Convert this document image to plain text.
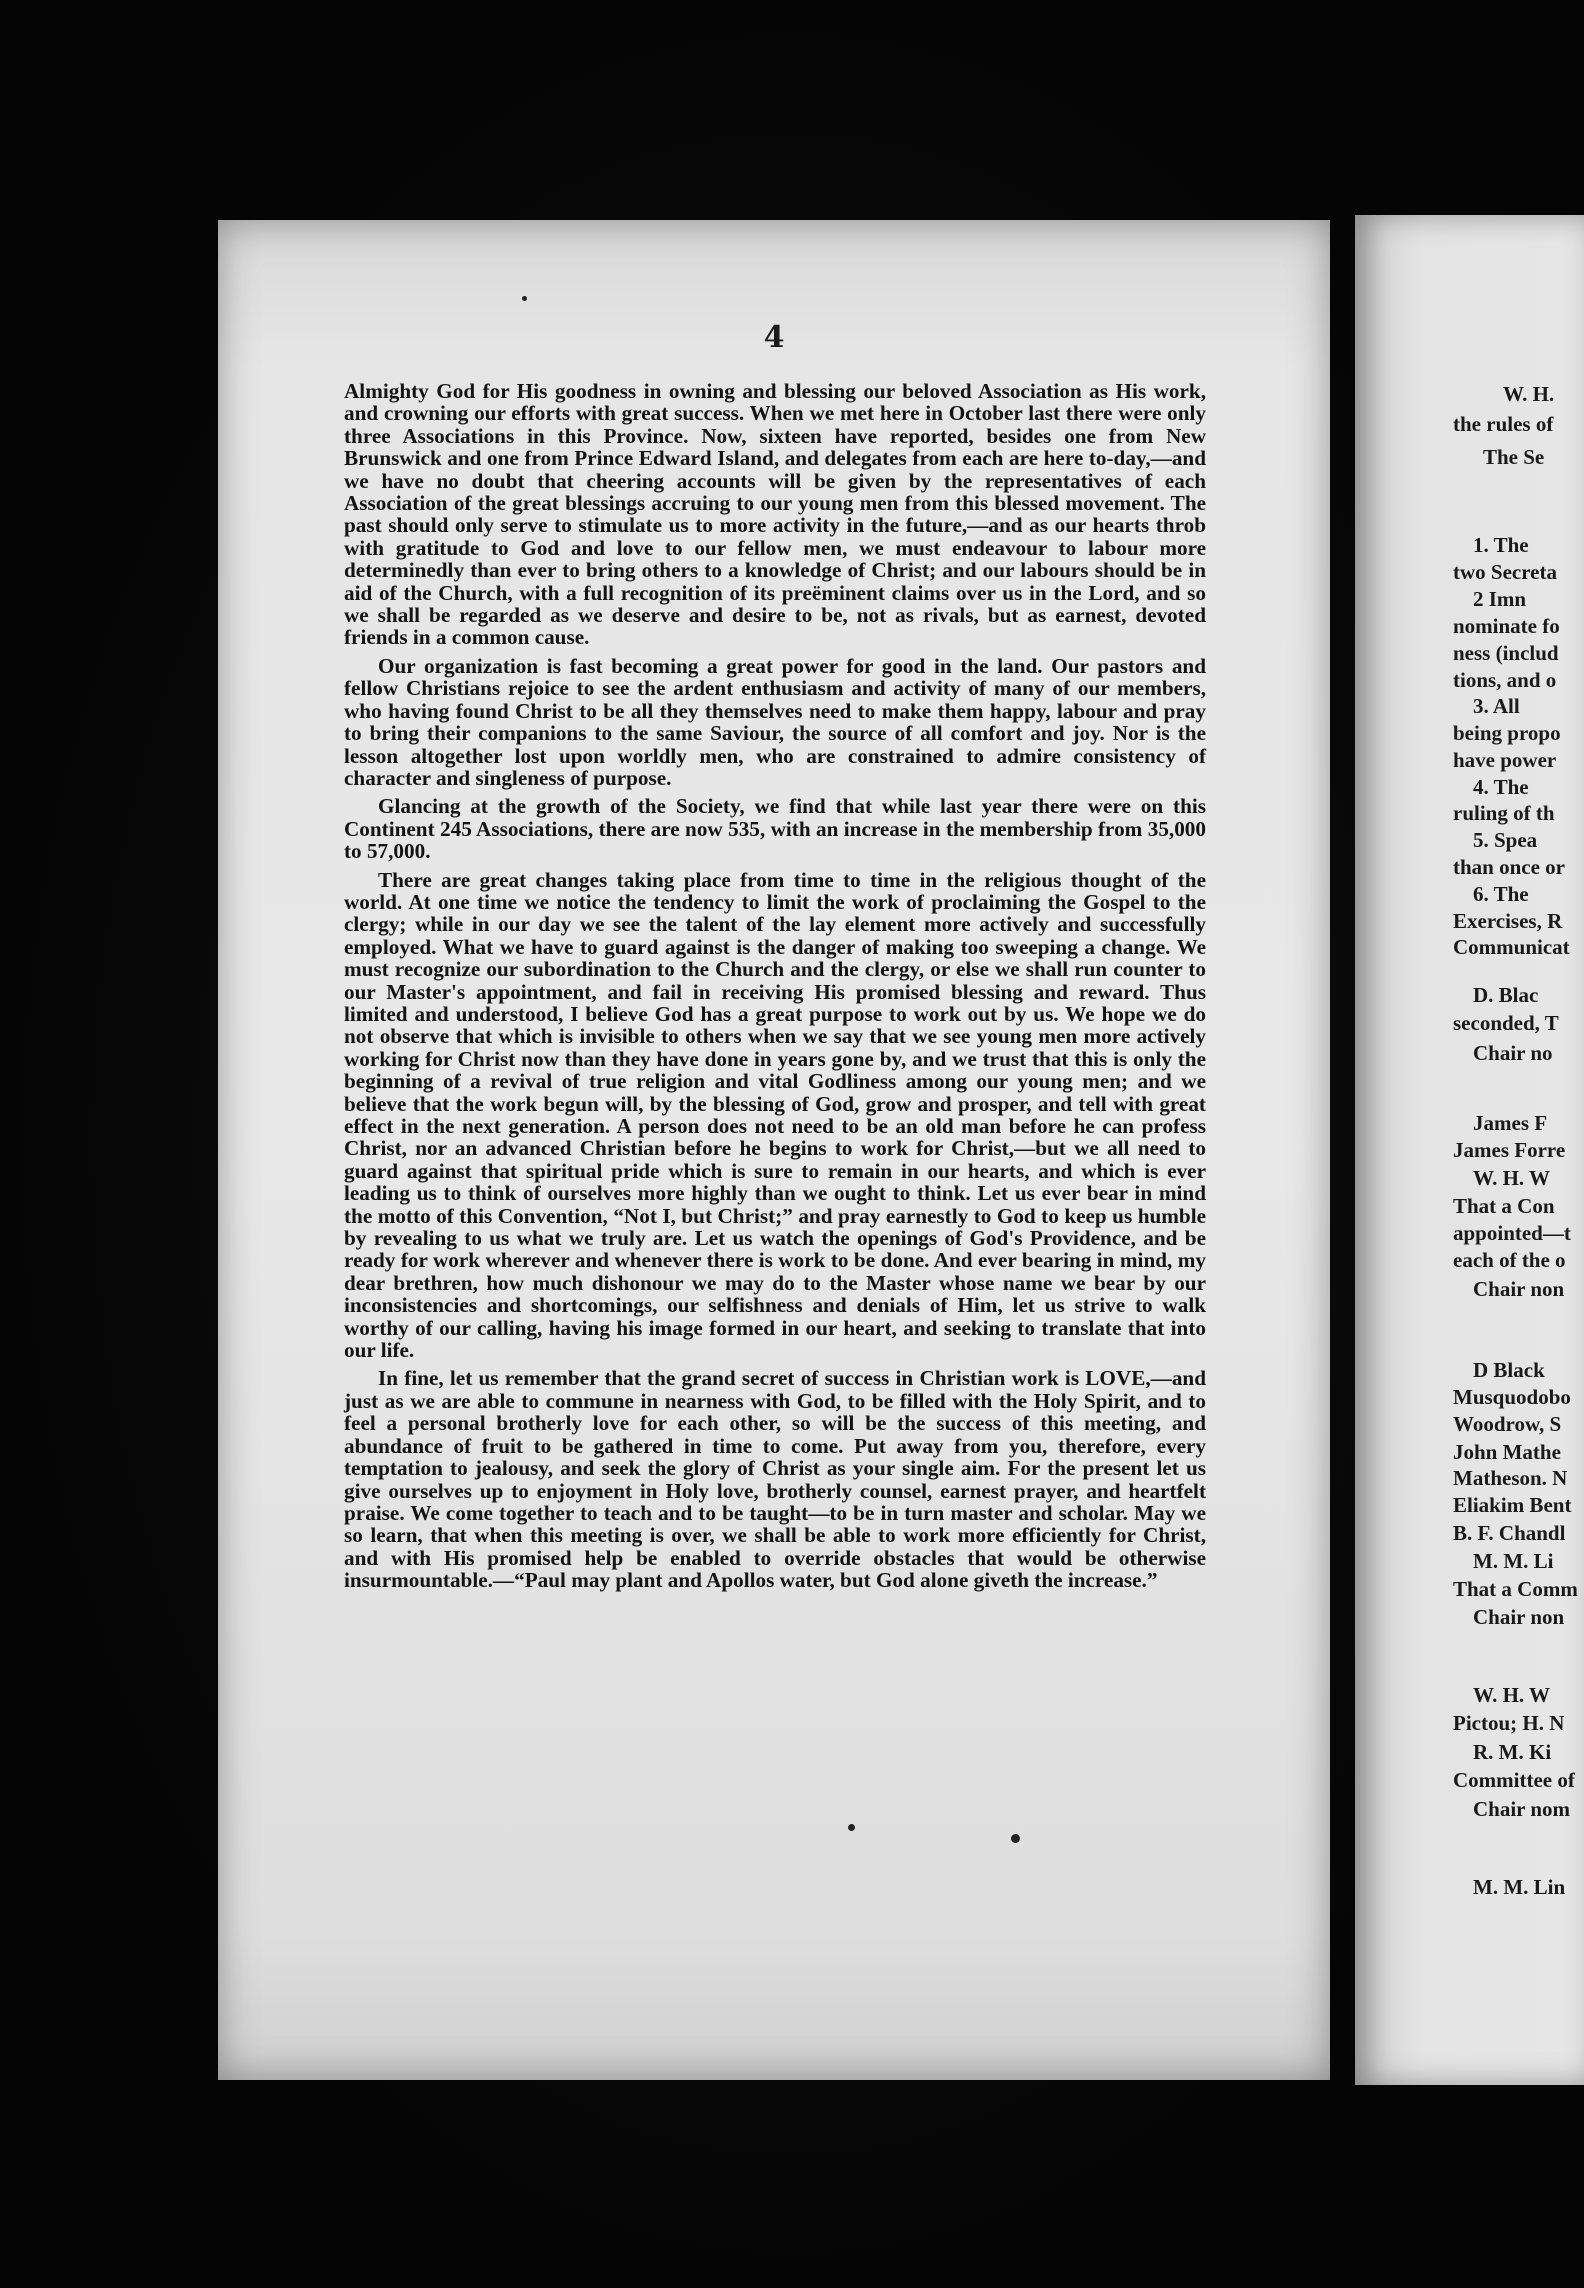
4

Almighty God for His goodness in owning and blessing our beloved Association as His work, and crowning our efforts with great success. When we met here in October last there were only three Associations in this Province. Now, sixteen have reported, besides one from New Brunswick and one from Prince Edward Island, and delegates from each are here to-day,—and we have no doubt that cheering accounts will be given by the representatives of each Association of the great blessings accruing to our young men from this blessed movement. The past should only serve to stimulate us to more activity in the future,—and as our hearts throb with gratitude to God and love to our fellow men, we must endeavour to labour more determinedly than ever to bring others to a knowledge of Christ; and our labours should be in aid of the Church, with a full recognition of its preëminent claims over us in the Lord, and so we shall be regarded as we deserve and desire to be, not as rivals, but as earnest, devoted friends in a common cause.

Our organization is fast becoming a great power for good in the land. Our pastors and fellow Christians rejoice to see the ardent enthusiasm and activity of many of our members, who having found Christ to be all they themselves need to make them happy, labour and pray to bring their companions to the same Saviour, the source of all comfort and joy. Nor is the lesson altogether lost upon worldly men, who are constrained to admire consistency of character and singleness of purpose.

Glancing at the growth of the Society, we find that while last year there were on this Continent 245 Associations, there are now 535, with an increase in the membership from 35,000 to 57,000.

There are great changes taking place from time to time in the religious thought of the world. At one time we notice the tendency to limit the work of proclaiming the Gospel to the clergy; while in our day we see the talent of the lay element more actively and successfully employed. What we have to guard against is the danger of making too sweeping a change. We must recognize our subordination to the Church and the clergy, or else we shall run counter to our Master's appointment, and fail in receiving His promised blessing and reward. Thus limited and understood, I believe God has a great purpose to work out by us. We hope we do not observe that which is invisible to others when we say that we see young men more actively working for Christ now than they have done in years gone by, and we trust that this is only the beginning of a revival of true religion and vital Godliness among our young men; and we believe that the work begun will, by the blessing of God, grow and prosper, and tell with great effect in the next generation. A person does not need to be an old man before he can profess Christ, nor an advanced Christian before he begins to work for Christ,—but we all need to guard against that spiritual pride which is sure to remain in our hearts, and which is ever leading us to think of ourselves more highly than we ought to think. Let us ever bear in mind the motto of this Convention, “Not I, but Christ;” and pray earnestly to God to keep us humble by revealing to us what we truly are. Let us watch the openings of God's Providence, and be ready for work wherever and whenever there is work to be done. And ever bearing in mind, my dear brethren, how much dishonour we may do to the Master whose name we bear by our inconsistencies and shortcomings, our selfishness and denials of Him, let us strive to walk worthy of our calling, having his image formed in our heart, and seeking to translate that into our life.

In fine, let us remember that the grand secret of success in Christian work is LOVE,—and just as we are able to commune in nearness with God, to be filled with the Holy Spirit, and to feel a personal brotherly love for each other, so will be the success of this meeting, and abundance of fruit to be gathered in time to come. Put away from you, therefore, every temptation to jealousy, and seek the glory of Christ as your single aim. For the present let us give ourselves up to enjoyment in Holy love, brotherly counsel, earnest prayer, and heartfelt praise. We come together to teach and to be taught—to be in turn master and scholar. May we so learn, that when this meeting is over, we shall be able to work more efficiently for Christ, and with His promised help be enabled to override obstacles that would be otherwise insurmountable.—“Paul may plant and Apollos water, but God alone giveth the increase.”

W. H.
the rules of
The Se
1. The
two Secreta
2 Imn
nominate fo
ness (includ
tions, and o
3. All
being propo
have power
4. The
ruling of th
5. Spea
than once or
6. The
Exercises, R
Communicat
D. Blac
seconded, T
Chair no
James F
James Forre
W. H. W
That a Con
appointed—t
each of the o
Chair non
D Black
Musquodobo
Woodrow, S
John Mathe
Matheson. N
Eliakim Bent
B. F. Chandl
M. M. Li
That a Comm
Chair non
W. H. W
Pictou; H. N
R. M. Ki
Committee of
Chair nom
M. M. Lin
